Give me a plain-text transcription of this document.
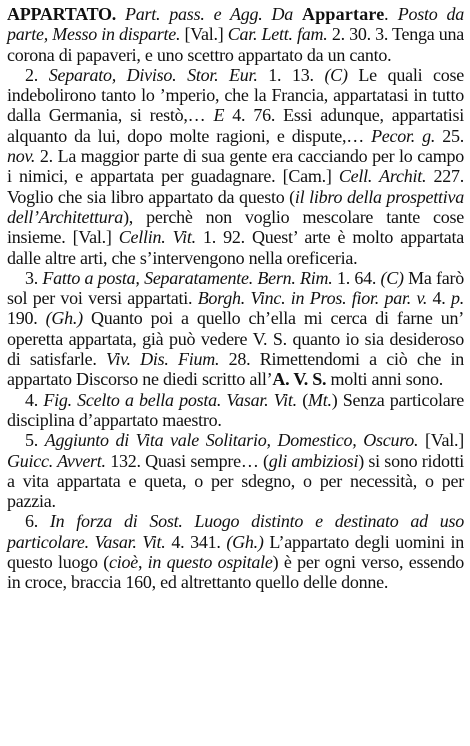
APPARTATO. Part. pass. e Agg. Da Appartare. Posto da parte, Messo in disparte. [Val.] Car. Lett. fam. 2. 30. 3. Tenga una corona di papaveri, e uno scettro appartato da un canto.

2. Separato, Diviso. Stor. Eur. 1. 13. (C) Le quali cose indebolirono tanto lo ’mperio, che la Francia, appartatasi in tutto dalla Germania, si restò,… E 4. 76. Essi adunque, appartatisi alquanto da lui, dopo molte ragioni, e dispute,… Pecor. g. 25. nov. 2. La maggior parte di sua gente era cacciando per lo campo i nimici, e appartata per guadagnare. [Cam.] Cell. Archit. 227. Voglio che sia libro appartato da questo (il libro della prospettiva dell’Architettura), perchè non voglio mescolare tante cose insieme. [Val.] Cellin. Vit. 1. 92. Quest’ arte è molto appartata dalle altre arti, che s’intervengono nella oreficeria.

3. Fatto a posta, Separatamente. Bern. Rim. 1. 64. (C) Ma farò sol per voi versi appartati. Borgh. Vinc. in Pros. fior. par. v. 4. p. 190. (Gh.) Quanto poi a quello ch’ella mi cerca di farne un’ operetta appartata, già può vedere V. S. quanto io sia desideroso di satisfarle. Viv. Dis. Fium. 28. Rimettendomi a ciò che in appartato Discorso ne diedi scritto all’A. V. S. molti anni sono.

4. Fig. Scelto a bella posta. Vasar. Vit. (Mt.) Senza particolare disciplina d’appartato maestro.

5. Aggiunto di Vita vale Solitario, Domestico, Oscuro. [Val.] Guicc. Avvert. 132. Quasi sempre… (gli ambiziosi) si sono ridotti a vita appartata e queta, o per sdegno, o per necessità, o per pazzia.

6. In forza di Sost. Luogo distinto e destinato ad uso particolare. Vasar. Vit. 4. 341. (Gh.) L’appartato degli uomini in questo luogo (cioè, in questo ospitale) è per ogni verso, essendo in croce, braccia 160, ed altrettanto quello delle donne.
